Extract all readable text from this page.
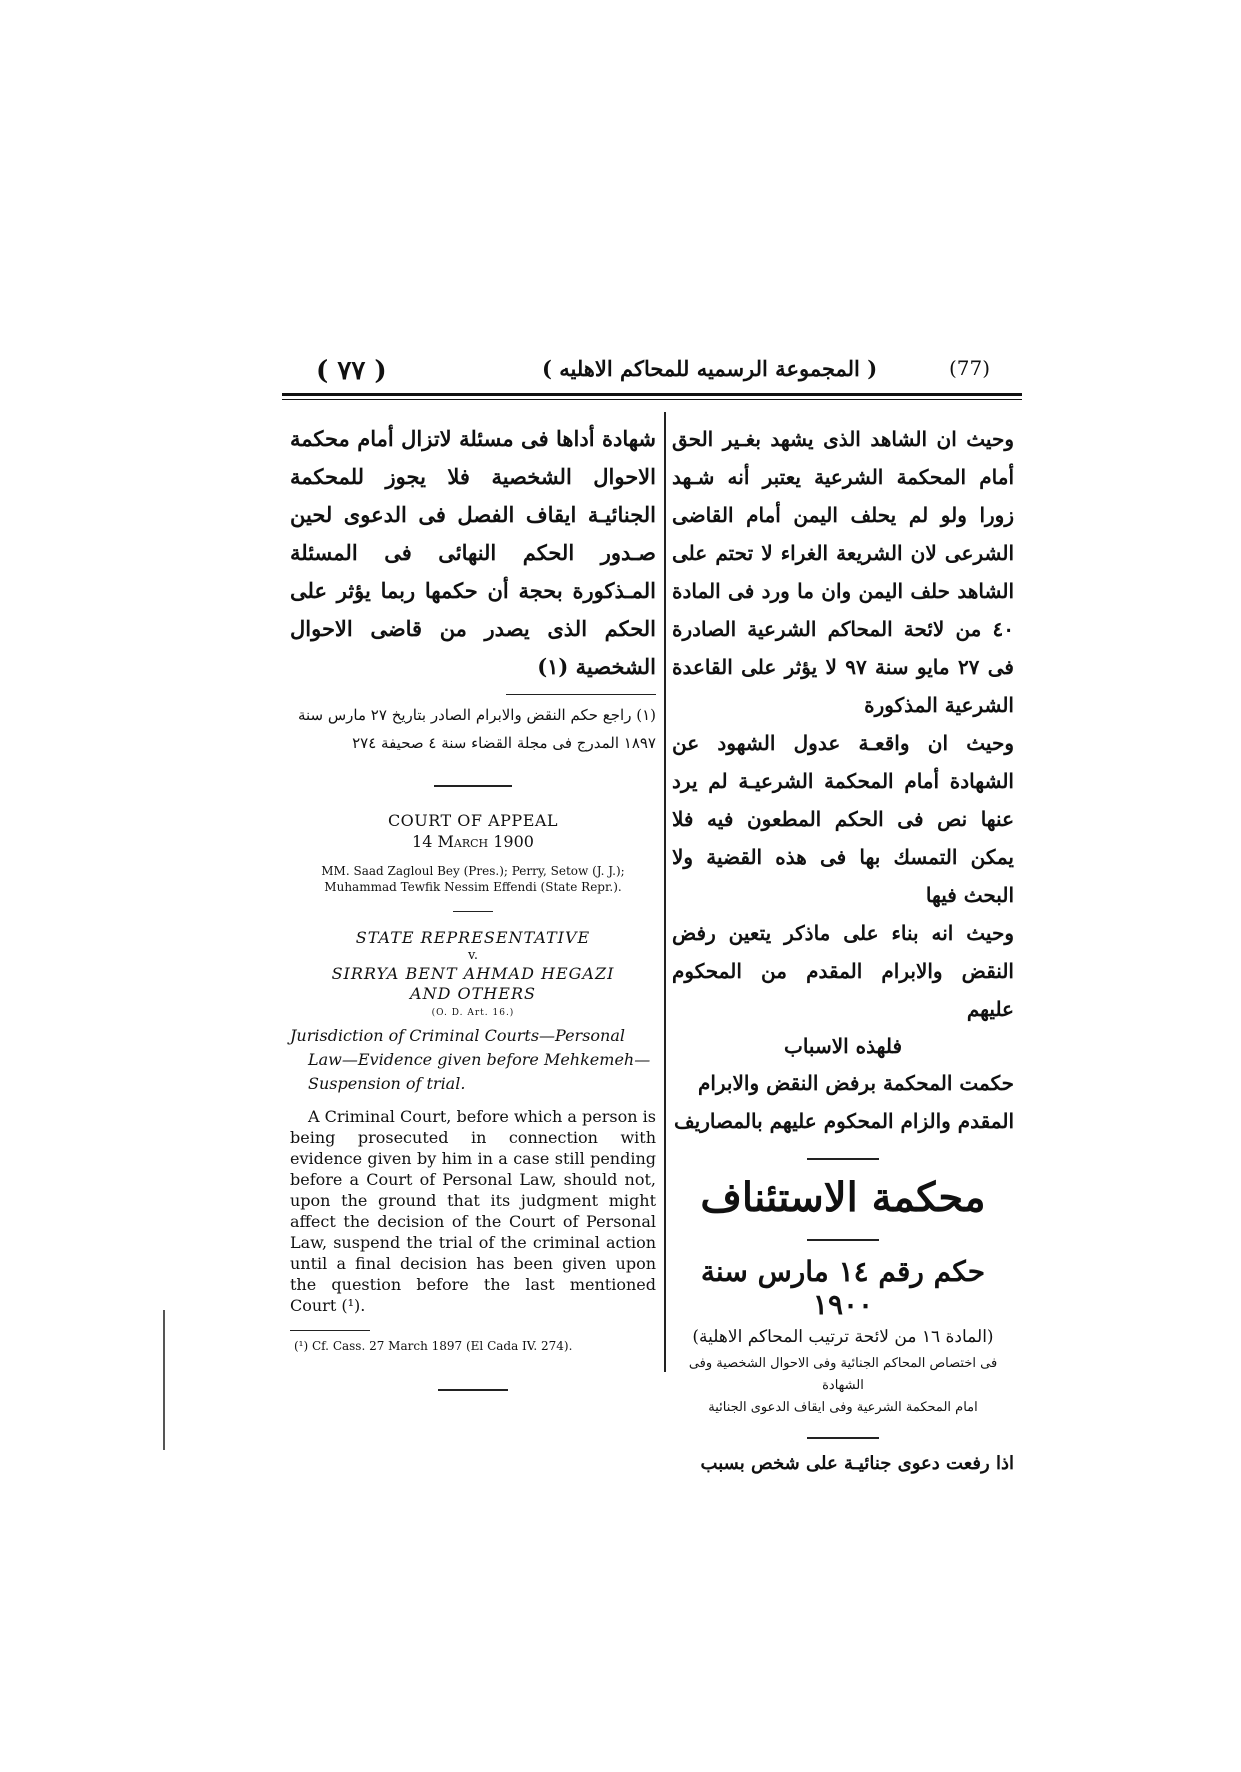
( ٧٧ )	( المجموعة الرسميه للمحاكم الاهليه )	(77)

شهادة أداها فى مسئلة لاتزال أمام محكمة الاحوال الشخصية فلا يجوز للمحكمة الجنائيـة ايقاف الفصل فى الدعوى لحين صـدور الحكم النهائى فى المسئلة المـذكورة بحجة أن حكمها ربما يؤثر على الحكم الذى يصدر من قاضى الاحوال الشخصية (١)

(١) راجع حكم النقض والابرام الصادر بتاريخ ٢٧ مارس سنة ١٨٩٧ المدرج فى مجلة القضاء سنة ٤ صحيفة ٢٧٤

COURT OF APPEAL

14 March 1900

MM. Saad Zagloul Bey (Pres.); Perry, Setow (J. J.);

Muhammad Tewfik Nessim Effendi (State Repr.).

STATE REPRESENTATIVE

v.

SIRRYA BENT AHMAD HEGAZI

AND OTHERS

(O. D. Art. 16.)

Jurisdiction of Criminal Courts—Personal Law—Evidence given before Mehkemeh—Suspension of trial.

A Criminal Court, before which a person is being prosecuted in connection with evidence given by him in a case still pending before a Court of Personal Law, should not, upon the ground that its judgment might affect the decision of the Court of Personal Law, suspend the trial of the criminal action until a final decision has been given upon the question before the last mentioned Court (¹).

(¹) Cf. Cass. 27 March 1897 (El Cada IV. 274).

وحيث ان الشاهد الذى يشهد بغـير الحق أمام المحكمة الشرعية يعتبر أنه شـهد زورا ولو لم يحلف اليمن أمام القاضى الشرعى لان الشريعة الغراء لا تحتم على الشاهد حلف اليمن وان ما ورد فى المادة ٤٠ من لائحة المحاكم الشرعية الصادرة فى ٢٧ مايو سنة ٩٧ لا يؤثر على القاعدة الشرعية المذكورة

وحيث ان واقعـة عدول الشهود عن الشهادة أمام المحكمة الشرعيـة لم يرد عنها نص فى الحكم المطعون فيه فلا يمكن التمسك بها فى هذه القضية ولا البحث فيها

وحيث انه بناء على ماذكر يتعين رفض النقض والابرام المقدم من المحكوم عليهم

فلهذه الاسباب

حكمت المحكمة برفض النقض والابرام المقدم والزام المحكوم عليهم بالمصاريف

محكمة الاستئناف

حكم رقم ١٤ مارس سنة ١٩٠٠

(المادة ١٦ من لائحة ترتيب المحاكم الاهلية)

فى اختصاص المحاكم الجنائية وفى الاحوال الشخصية وفى الشهادة

امام المحكمة الشرعية وفى ايقاف الدعوى الجنائية

اذا رفعت دعوى جنائيـة على شخص بسبب
